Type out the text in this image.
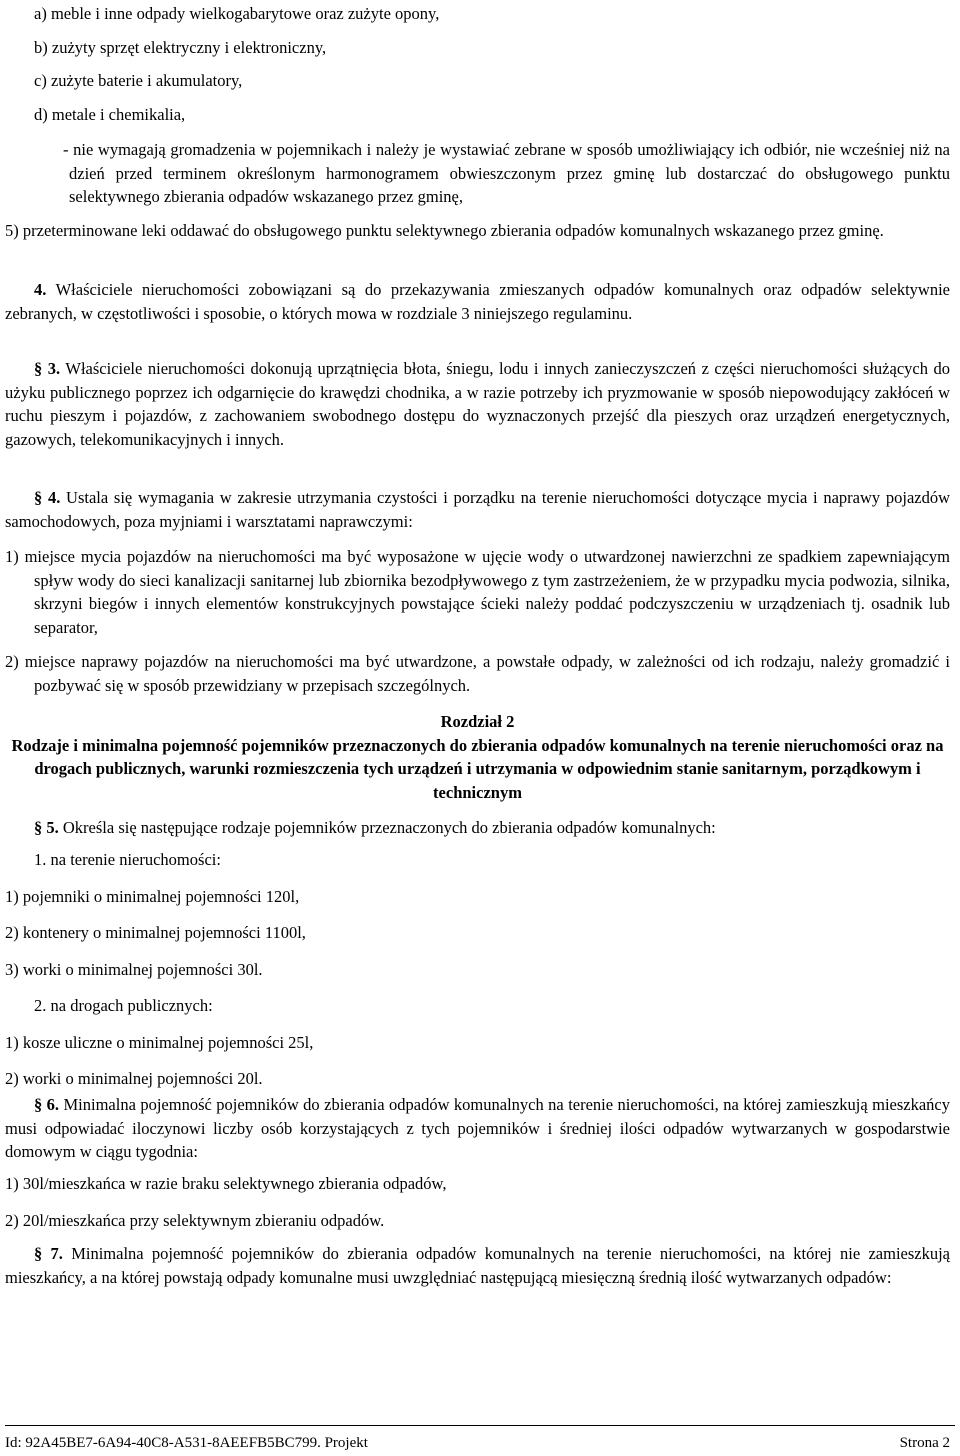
a) meble i inne odpady wielkogabarytowe oraz zużyte opony,

b) zużyty sprzęt elektryczny i elektroniczny,

c) zużyte baterie i akumulatory,

d) metale i chemikalia,

- nie wymagają gromadzenia w pojemnikach i należy je wystawiać zebrane w sposób umożliwiający ich odbiór, nie wcześniej niż na dzień przed terminem określonym harmonogramem obwieszczonym przez gminę lub dostarczać do obsługowego punktu selektywnego zbierania odpadów wskazanego przez gminę,

5) przeterminowane leki oddawać do obsługowego punktu selektywnego zbierania odpadów komunalnych wskazanego przez gminę.

4. Właściciele nieruchomości zobowiązani są do przekazywania zmieszanych odpadów komunalnych oraz odpadów selektywnie zebranych, w częstotliwości i sposobie, o których mowa w rozdziale 3 niniejszego regulaminu.

§ 3. Właściciele nieruchomości dokonują uprzątnięcia błota, śniegu, lodu i innych zanieczyszczeń z części nieruchomości służących do użyku publicznego poprzez ich odgarnięcie do krawędzi chodnika, a w razie potrzeby ich pryzmowanie w sposób niepowodujący zakłóceń w ruchu pieszym i pojazdów, z zachowaniem swobodnego dostępu do wyznaczonych przejść dla pieszych oraz urządzeń energetycznych, gazowych, telekomunikacyjnych i innych.

§ 4. Ustala się wymagania w zakresie utrzymania czystości i porządku na terenie nieruchomości dotyczące mycia i naprawy pojazdów samochodowych, poza myjniami i warsztatami naprawczymi:

1) miejsce mycia pojazdów na nieruchomości ma być wyposażone w ujęcie wody o utwardzonej nawierzchni ze spadkiem zapewniającym spływ wody do sieci kanalizacji sanitarnej lub zbiornika bezodpływowego z tym zastrzeżeniem, że w przypadku mycia podwozia, silnika, skrzyni biegów i innych elementów konstrukcyjnych powstające ścieki należy poddać podczyszczeniu w urządzeniach tj. osadnik lub separator,

2) miejsce naprawy pojazdów na nieruchomości ma być utwardzone, a powstałe odpady, w zależności od ich rodzaju, należy gromadzić i pozbywać się w sposób przewidziany w przepisach szczególnych.

Rozdział 2

Rodzaje i minimalna pojemność pojemników przeznaczonych do zbierania odpadów komunalnych na terenie nieruchomości oraz na drogach publicznych, warunki rozmieszczenia tych urządzeń i utrzymania w odpowiednim stanie sanitarnym, porządkowym i technicznym

§ 5. Określa się następujące rodzaje pojemników przeznaczonych do zbierania odpadów komunalnych:

1. na terenie nieruchomości:

1) pojemniki o minimalnej pojemności 120l,

2) kontenery o minimalnej pojemności 1100l,

3) worki o minimalnej pojemności 30l.

2. na drogach publicznych:

1) kosze uliczne o minimalnej pojemności 25l,

2) worki o minimalnej pojemności 20l.

§ 6. Minimalna pojemność pojemników do zbierania odpadów komunalnych na terenie nieruchomości, na której zamieszkują mieszkańcy musi odpowiadać iloczynowi liczby osób korzystających z tych pojemników i średniej ilości odpadów wytwarzanych w gospodarstwie domowym w ciągu tygodnia:

1) 30l/mieszkańca w razie braku selektywnego zbierania odpadów,

2) 20l/mieszkańca przy selektywnym zbieraniu odpadów.

§ 7. Minimalna pojemność pojemników do zbierania odpadów komunalnych na terenie nieruchomości, na której nie zamieszkują mieszkańcy, a na której powstają odpady komunalne musi uwzględniać następującą miesięczną średnią ilość wytwarzanych odpadów:

Id: 92A45BE7-6A94-40C8-A531-8AEEFB5BC799. Projekt	Strona 2
